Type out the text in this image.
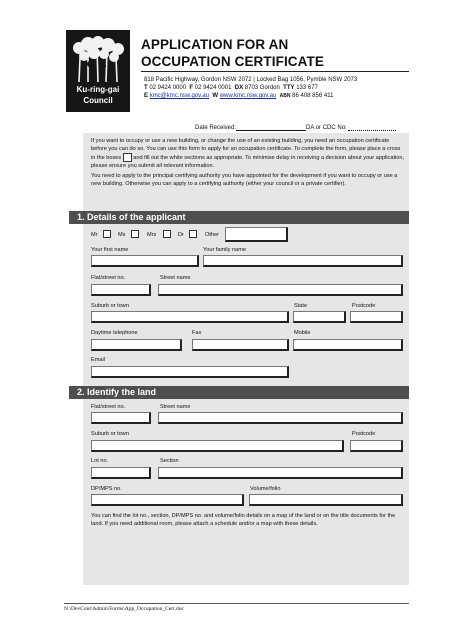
Ku-ring-gai
Council
APPLICATION FOR AN
OCCUPATION CERTIFICATE
818 Pacific Highway, Gordon NSW 2072 | Locked Bag 1056, Pymble NSW 2073
T 02 9424 0000 F 02 9424 0001 DX 8703 Gordon TTY 133 677
E kmc@kmc.nsw.gov.au W www.kmc.nsw.gov.au ABN 86 408 856 411
Date Received:	DA or CDC No:

If you want to occupy or use a new building, or change the use of an existing building, you need an occupation certificate before you can do so. You can use this form to apply for an occupation certificate. To complete the form, please place a cross in the boxes and fill out the white sections as appropriate. To minimise delay in receiving a decision about your application, please ensure you submit all relevant information.

You need to apply to the principal certifying authority you have appointed for the development if you want to occupy or use a new building. Otherwise you can apply to a certifying authority (either your council or a private certifier).

1. Details of the applicant
Mr	Ms	Mrs	Dr	Other
Your first name	Your family name
Flat/street no.	Street name
Suburb or town	State	Postcode
Daytime telephone	Fax	Mobile
Email
2. Identify the land
Flat/street no.	Street name
Suburb or town	Postcode
Lot no.	Section
DP/MPS no.	Volume/folio
You can find the lot no., section, DP/MPS no. and volume/folio details on a map of the land or on the title documents for the land. If you need additional room, please attach a schedule and/or a map with these details.
N:\DevCont\Admin\Forms\App_Occupation_Cert.doc
